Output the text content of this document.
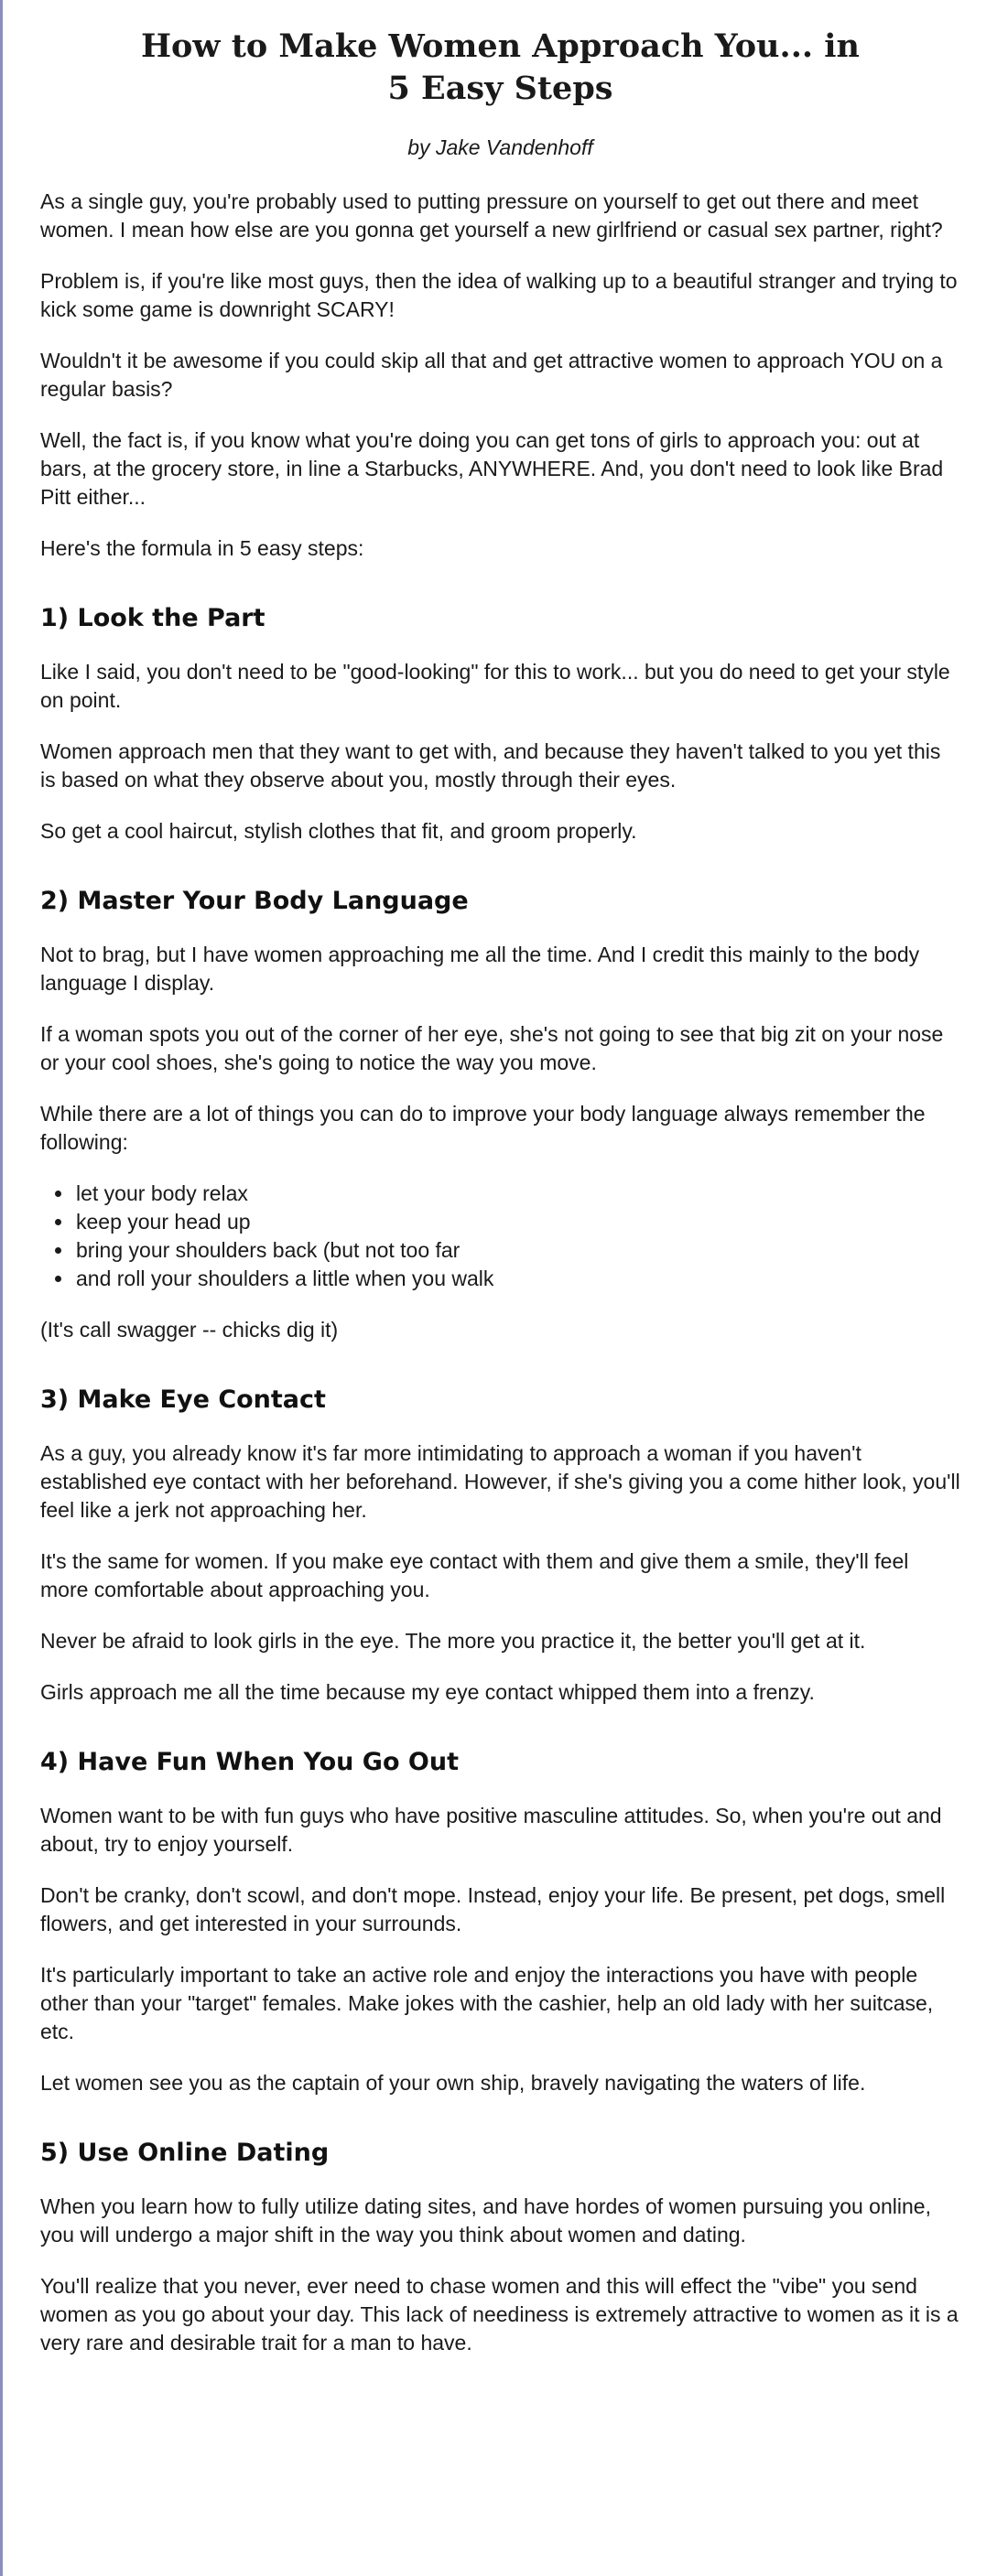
How to Make Women Approach You... in
5 Easy Steps
by Jake Vandenhoff

As a single guy, you're probably used to putting pressure on yourself to get out there and meet women. I mean how else are you gonna get yourself a new girlfriend or casual sex partner, right?

Problem is, if you're like most guys, then the idea of walking up to a beautiful stranger and trying to kick some game is downright SCARY!

Wouldn't it be awesome if you could skip all that and get attractive women to approach YOU on a regular basis?

Well, the fact is, if you know what you're doing you can get tons of girls to approach you: out at bars, at the grocery store, in line a Starbucks, ANYWHERE. And, you don't need to look like Brad Pitt either...

Here's the formula in 5 easy steps:

1) Look the Part

Like I said, you don't need to be "good-looking" for this to work... but you do need to get your style on point.

Women approach men that they want to get with, and because they haven't talked to you yet this is based on what they observe about you, mostly through their eyes.

So get a cool haircut, stylish clothes that fit, and groom properly.

2) Master Your Body Language

Not to brag, but I have women approaching me all the time. And I credit this mainly to the body language I display.

If a woman spots you out of the corner of her eye, she's not going to see that big zit on your nose or your cool shoes, she's going to notice the way you move.

While there are a lot of things you can do to improve your body language always remember the following:

• let your body relax
• keep your head up
• bring your shoulders back (but not too far
• and roll your shoulders a little when you walk

(It's call swagger -- chicks dig it)

3) Make Eye Contact

As a guy, you already know it's far more intimidating to approach a woman if you haven't established eye contact with her beforehand. However, if she's giving you a come hither look, you'll feel like a jerk not approaching her.

It's the same for women. If you make eye contact with them and give them a smile, they'll feel more comfortable about approaching you.

Never be afraid to look girls in the eye. The more you practice it, the better you'll get at it.

Girls approach me all the time because my eye contact whipped them into a frenzy.

4) Have Fun When You Go Out

Women want to be with fun guys who have positive masculine attitudes. So, when you're out and about, try to enjoy yourself.

Don't be cranky, don't scowl, and don't mope. Instead, enjoy your life. Be present, pet dogs, smell flowers, and get interested in your surrounds.

It's particularly important to take an active role and enjoy the interactions you have with people other than your "target" females. Make jokes with the cashier, help an old lady with her suitcase, etc.

Let women see you as the captain of your own ship, bravely navigating the waters of life.

5) Use Online Dating

When you learn how to fully utilize dating sites, and have hordes of women pursuing you online, you will undergo a major shift in the way you think about women and dating.

You'll realize that you never, ever need to chase women and this will effect the "vibe" you send women as you go about your day. This lack of neediness is extremely attractive to women as it is a very rare and desirable trait for a man to have.
